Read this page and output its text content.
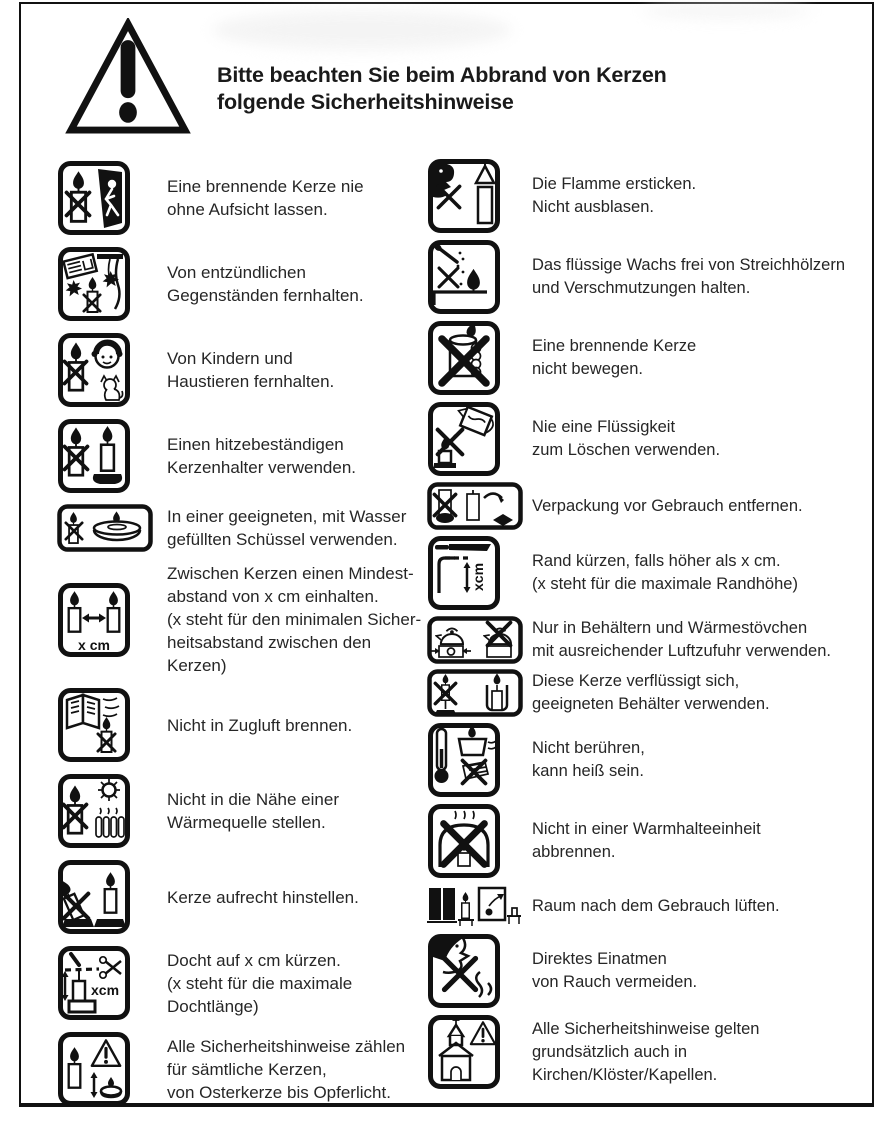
Bitte beachten Sie beim Abbrand von Kerzen
folgende Sicherheitshinweise
Eine brennende Kerze nie
ohne Aufsicht lassen.
Von entzündlichen
Gegenständen fernhalten.
Von Kindern und
Haustieren fernhalten.
Einen hitzebeständigen
Kerzenhalter verwenden.
In einer geeigneten, mit Wasser
gefüllten Schüssel verwenden.
x cm
Zwischen Kerzen einen Mindest-
abstand von x cm einhalten.
(x steht für den minimalen Sicher-
heitsabstand zwischen den Kerzen)
Nicht in Zugluft brennen.
Nicht in die Nähe einer
Wärmequelle stellen.
Kerze aufrecht hinstellen.
xcm
Docht auf x cm kürzen.
(x steht für die maximale
Dochtlänge)
Alle Sicherheitshinweise zählen
für sämtliche Kerzen,
von Osterkerze bis Opferlicht.
Die Flamme ersticken.
Nicht ausblasen.
Das flüssige Wachs frei von Streichhölzern
und Verschmutzungen halten.
Eine brennende Kerze
nicht bewegen.
Nie eine Flüssigkeit
zum Löschen verwenden.
Verpackung vor Gebrauch entfernen.
xcm
Rand kürzen, falls höher als x cm.
(x steht für die maximale Randhöhe)
Nur in Behältern und Wärmestövchen
mit ausreichender Luftzufuhr verwenden.
Diese Kerze verflüssigt sich,
geeigneten Behälter verwenden.
Nicht berühren,
kann heiß sein.
Nicht in einer Warmhalteeinheit
abbrennen.
Raum nach dem Gebrauch lüften.
Direktes Einatmen
von Rauch vermeiden.
Alle Sicherheitshinweise gelten
grundsätzlich auch in
Kirchen/Klöster/Kapellen.
